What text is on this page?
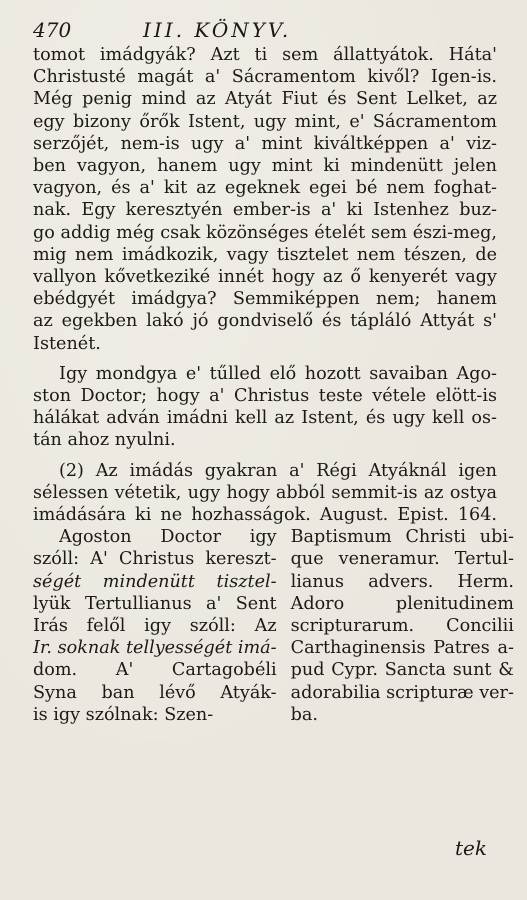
470	III. KÖNYV.
tomot imádgyák? Azt ti sem állattyátok. Háta'
Christusté magát a' Sácramentom kivől? Igen-is.
Még penig mind az Atyát Fiut és Sent Lelket, az
egy bizony őrők Istent, ugy mint, e' Sácramentom
serzőjét, nem-is ugy a' mint kiváltképpen a' viz-
ben vagyon, hanem ugy mint ki mindenütt jelen
vagyon, és a' kit az egeknek egei bé nem foghat-
nak. Egy keresztyén ember-is a' ki Istenhez buz-
go addig még csak közönséges ételét sem észi-meg,
mig nem imádkozik, vagy tisztelet nem tészen, de
vallyon kővetkeziké innét hogy az ő kenyerét vagy
ebédgyét imádgya? Semmiképpen nem; hanem
az egekben lakó jó gondviselő és tápláló Attyát s'
Istenét.
Igy mondgya e' tűlled elő hozott savaiban Ago-
ston Doctor; hogy a' Christus teste vétele elött-is
hálákat adván imádni kell az Istent, és ugy kell os-
tán ahoz nyulni.
(2) Az imádás gyakran a' Régi Atyáknál igen
sélessen vétetik, ugy hogy abból semmit-is az ostya
imádására ki ne hozhasságok. August. Epist. 164.
Agoston Doctor igy
szóll: A' Christus kereszt-
ségét mindenütt tisztel-
lyük Tertullianus a' Sent
Irás felől igy szóll: Az
Ir. soknak tellyességét imá-
dom. A' Cartagobéli
Syna ban lévő Atyák-
is igy szólnak: Szen-
Baptismum Christi ubi-
que veneramur. Tertul-
lianus advers. Herm.
Adoro plenitudinem
scripturarum. Concilii
Carthaginensis Patres a-
pud Cypr. Sancta sunt &
adorabilia scripturæ ver-
ba.
tek
